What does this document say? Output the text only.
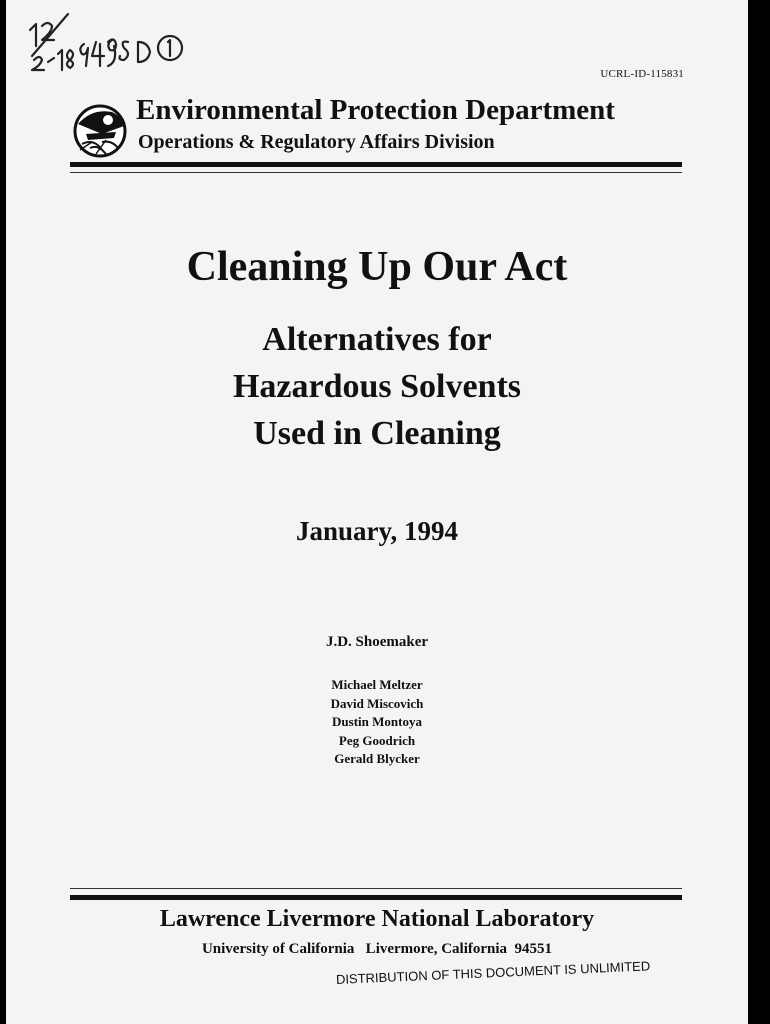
UCRL-ID-115831
Environmental Protection Department
Operations & Regulatory Affairs Division
Cleaning Up Our Act
Alternatives for
Hazardous Solvents
Used in Cleaning
January, 1994
J.D. Shoemaker
Michael Meltzer
David Miscovich
Dustin Montoya
Peg Goodrich
Gerald Blycker
Lawrence Livermore National Laboratory
University of California   Livermore, California  94551
DISTRIBUTION OF THIS DOCUMENT IS UNLIMITED
